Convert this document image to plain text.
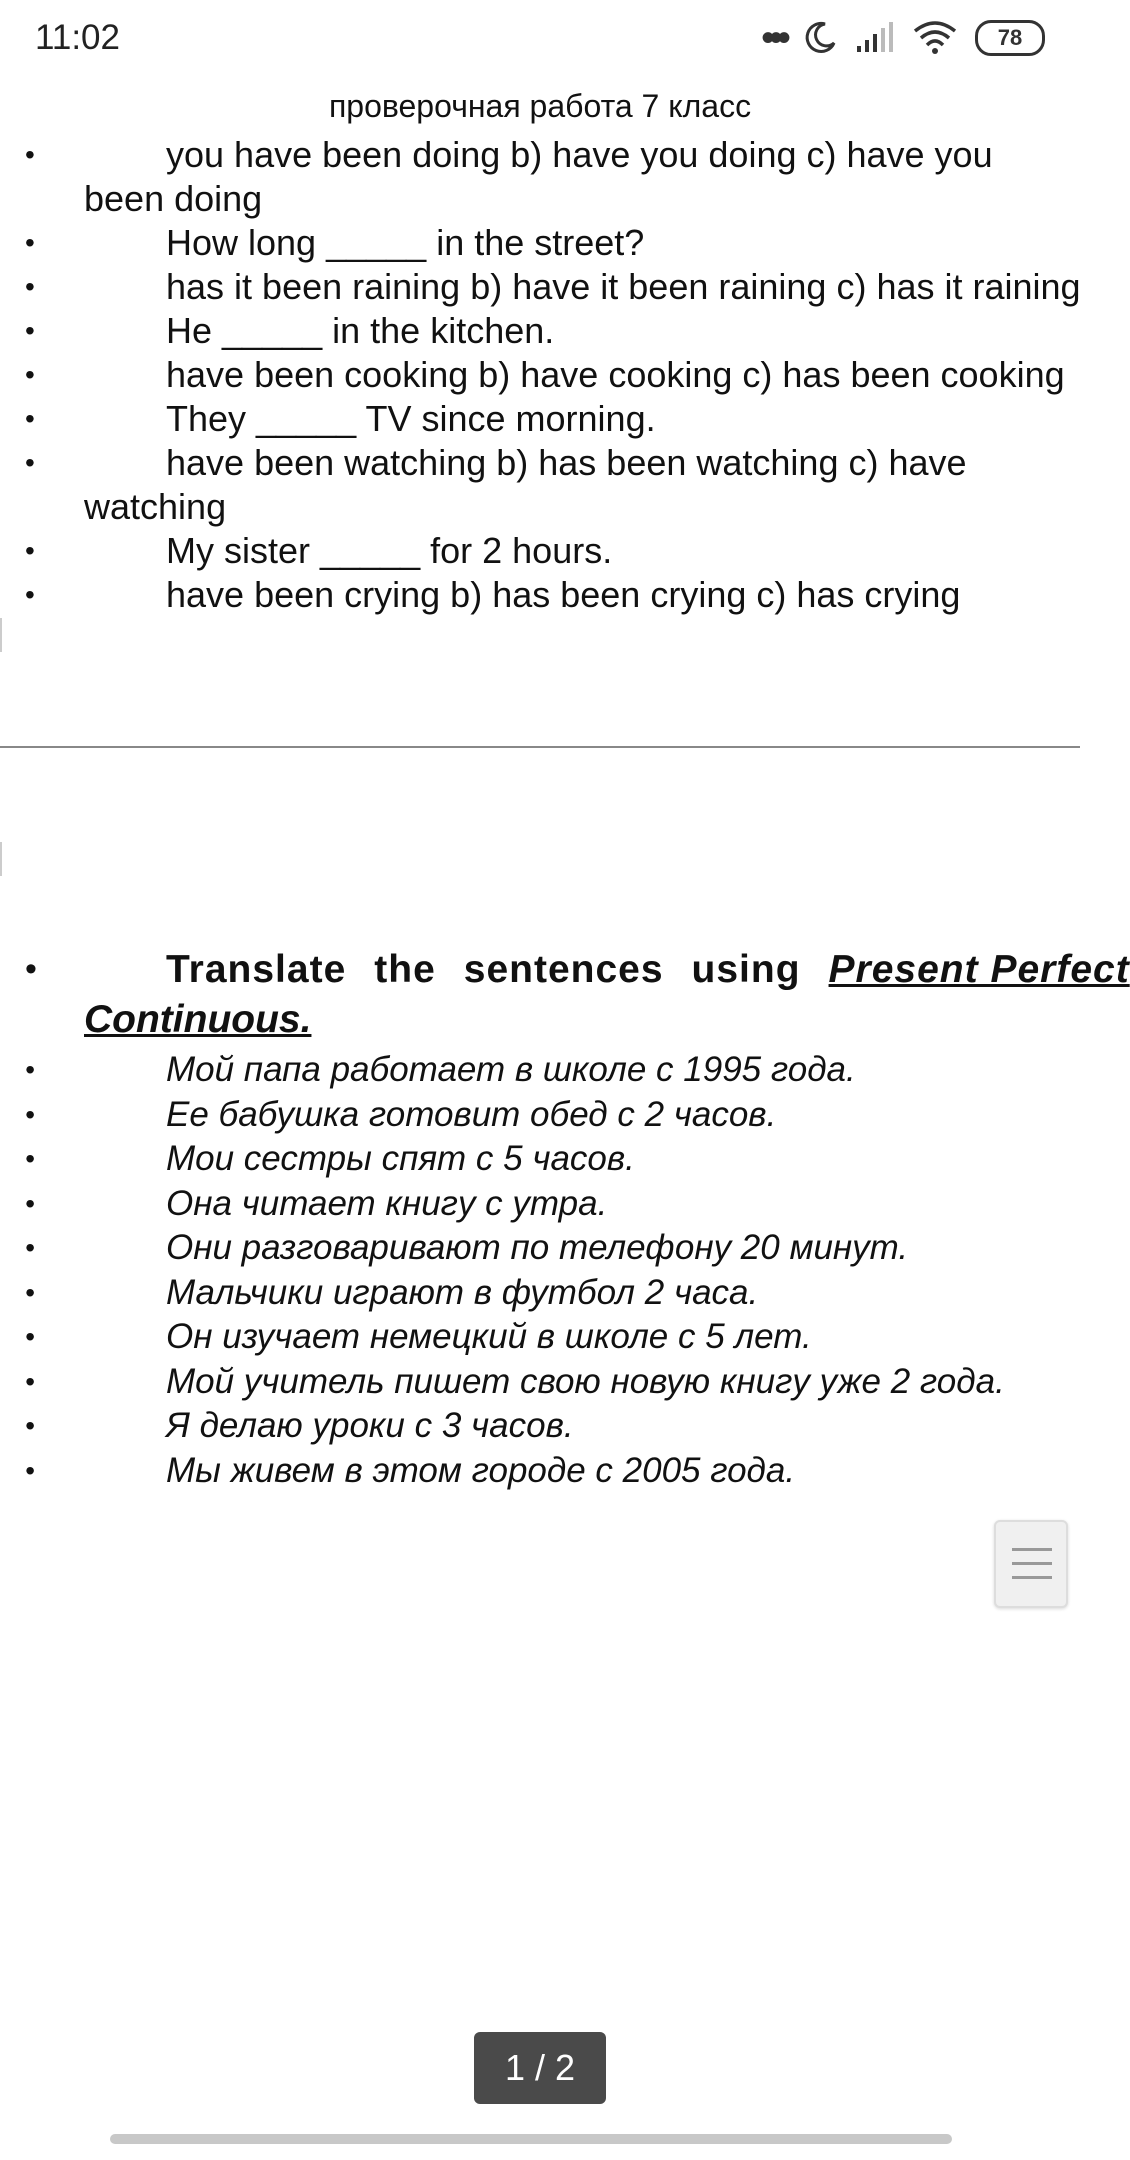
11:02	•••	78
проверочная работа 7 класс
•	you have been doing b) have you doing c) have you been doing
•	How long _____ in the street?
•	has it been raining b) have it been raining c) has it raining
•	He _____ in the kitchen.
•	have been cooking b) have cooking c) has been cooking
•	They _____ TV since morning.
•	have been watching b) has been watching c) have watching
•	My sister _____ for 2 hours.
•	have been crying b) has been crying c) has crying
•	Translate the sentences using Present Perfect
Continuous.
•	Мой папа работает в школе с 1995 года.
•	Ее бабушка готовит обед с 2 часов.
•	Мои сестры спят с 5 часов.
•	Она читает книгу с утра.
•	Они разговаривают по телефону 20 минут.
•	Мальчики играют в футбол 2 часа.
•	Он изучает немецкий в школе с 5 лет.
•	Мой учитель пишет свою новую книгу уже 2 года.
•	Я делаю уроки с 3 часов.
•	Мы живем в этом городе с 2005 года.
1 / 2
